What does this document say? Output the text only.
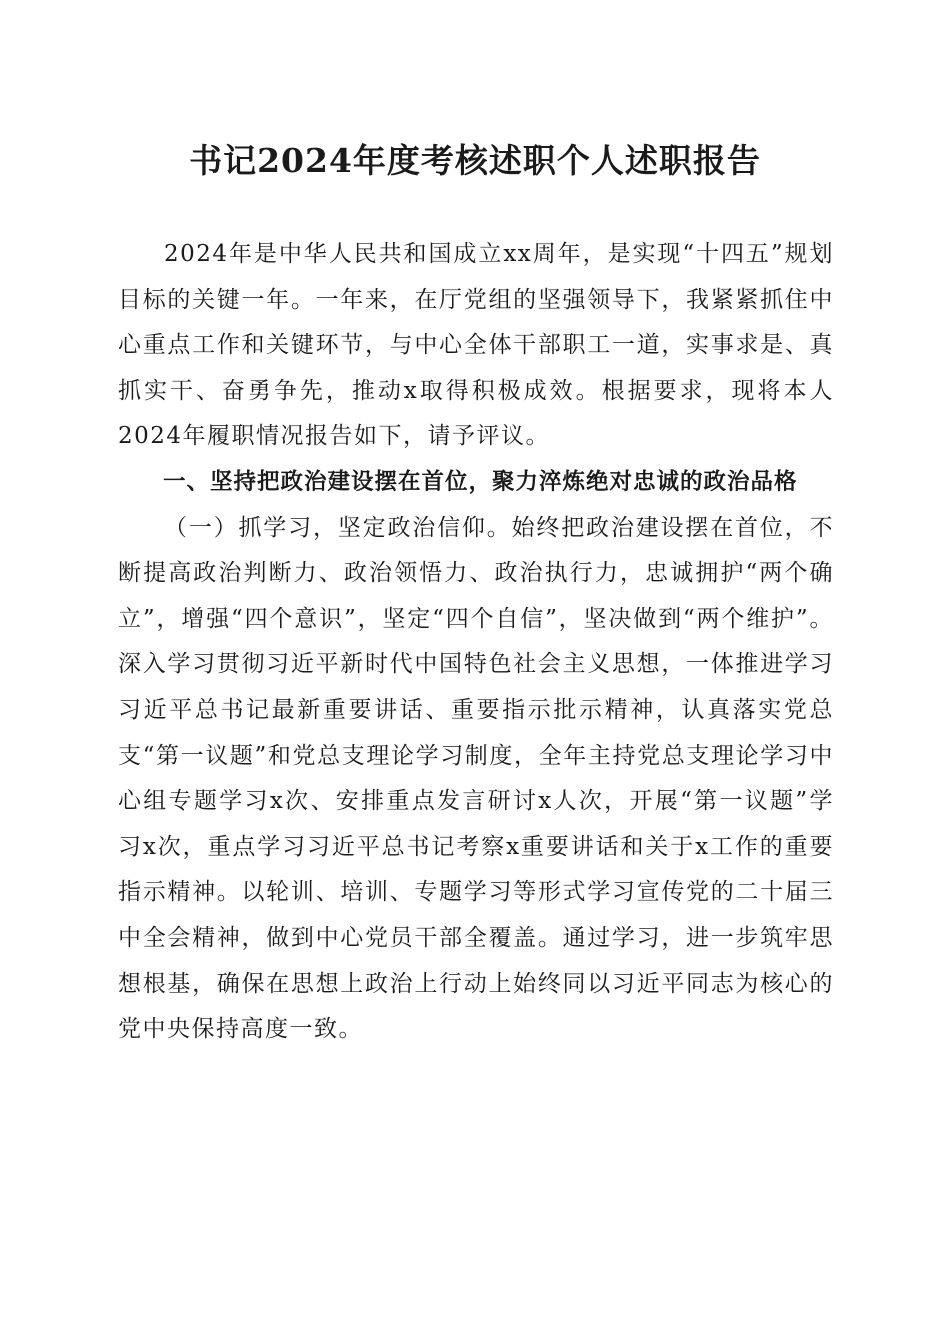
书记2024年度考核述职个人述职报告

2024年是中华人民共和国成立xx周年，是实现“十四五”规划目标的关键一年。一年来，在厅党组的坚强领导下，我紧紧抓住中心重点工作和关键环节，与中心全体干部职工一道，实事求是、真抓实干、奋勇争先，推动x取得积极成效。根据要求，现将本人2024年履职情况报告如下，请予评议。

一、坚持把政治建设摆在首位，聚力淬炼绝对忠诚的政治品格

（一）抓学习，坚定政治信仰。始终把政治建设摆在首位，不断提高政治判断力、政治领悟力、政治执行力，忠诚拥护“两个确立”，增强“四个意识”，坚定“四个自信”，坚决做到“两个维护”。深入学习贯彻习近平新时代中国特色社会主义思想，一体推进学习习近平总书记最新重要讲话、重要指示批示精神，认真落实党总支“第一议题”和党总支理论学习制度，全年主持党总支理论学习中心组专题学习x次、安排重点发言研讨x人次，开展“第一议题”学习x次，重点学习习近平总书记考察x重要讲话和关于x工作的重要指示精神。以轮训、培训、专题学习等形式学习宣传党的二十届三中全会精神，做到中心党员干部全覆盖。通过学习，进一步筑牢思想根基，确保在思想上政治上行动上始终同以习近平同志为核心的党中央保持高度一致。
